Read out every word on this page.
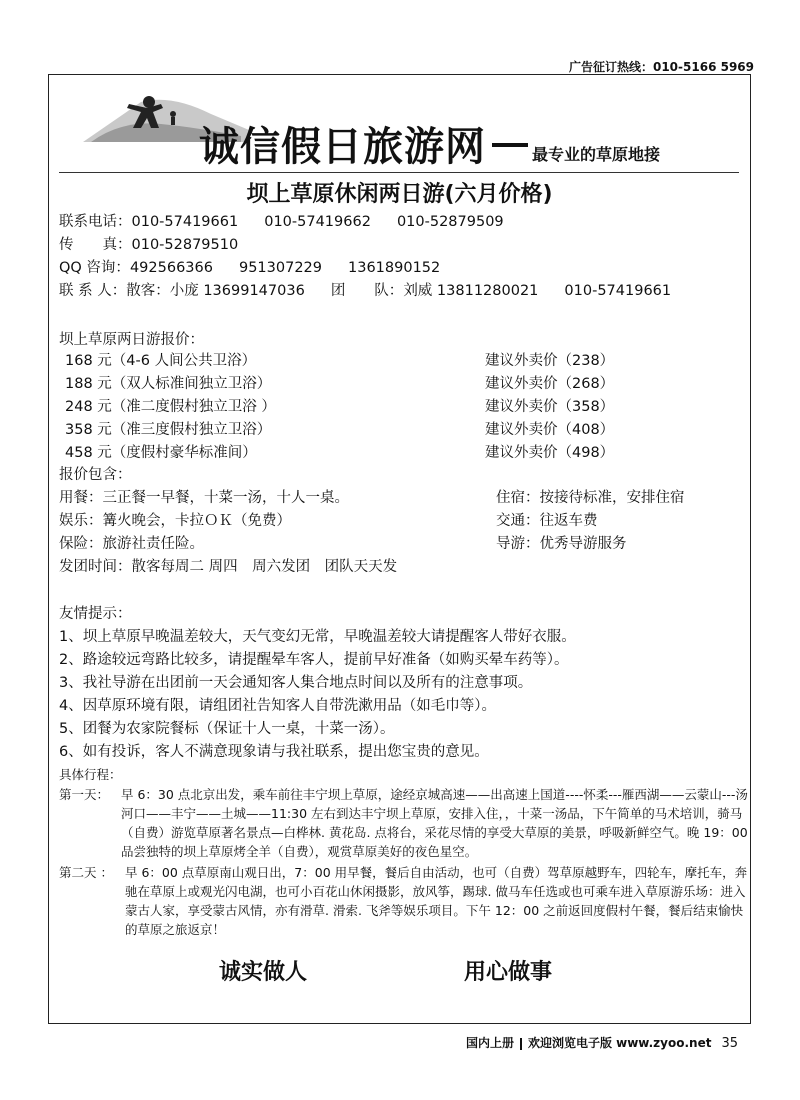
广告征订热线：010-5166 5969
诚信假日旅游网	最专业的草原地接
坝上草原休闲两日游(六月价格)
联系电话：010-57419661 010-57419662 010-52879509
传　　真：010-52879510
QQ 咨询：492566366 951307229 1361890152
联 系 人：散客：小庞 13699147036 团　　队：刘威 13811280021 010-57419661
坝上草原两日游报价：
168 元（4-6 人间公共卫浴）	建议外卖价（238）
188 元（双人标准间独立卫浴）	建议外卖价（268）
248 元（准二度假村独立卫浴 ）	建议外卖价（358）
358 元（准三度假村独立卫浴）	建议外卖价（408）
458 元（度假村豪华标准间）	建议外卖价（498）
报价包含：
用餐：三正餐一早餐，十菜一汤，十人一桌。	住宿：按接待标准，安排住宿
娱乐：篝火晚会，卡拉ＯＫ（免费）	交通：往返车费
保险：旅游社责任险。	导游：优秀导游服务
发团时间：散客每周二 周四　周六发团　团队天天发
友情提示：
1、坝上草原早晚温差较大，天气变幻无常，早晚温差较大请提醒客人带好衣服。
2、路途较远弯路比较多，请提醒晕车客人，提前早好准备（如购买晕车药等）。
3、我社导游在出团前一天会通知客人集合地点时间以及所有的注意事项。
4、因草原环境有限，请组团社告知客人自带洗漱用品（如毛巾等）。
5、团餐为农家院餐标（保证十人一桌，十菜一汤）。
6、如有投诉，客人不满意现象请与我社联系，提出您宝贵的意见。
具体行程：
第一天： 早 6：30 点北京出发，乘车前往丰宁坝上草原，途经京城高速——出高速上国道----怀柔---雁西湖——云蒙山---汤河口——丰宁——土城——11:30 左右到达丰宁坝上草原，安排入住，，十菜一汤品，下午简单的马术培训，骑马（自费）游览草原著名景点—白桦林. 黄花岛. 点将台，采花尽情的享受大草原的美景，呼吸新鲜空气。晚 19：00 品尝独特的坝上草原烤全羊（自费），观赏草原美好的夜色星空。
第二天 ： 早 6：00 点草原南山观日出，7：00 用早餐，餐后自由活动，也可（自费）驾草原越野车，四轮车，摩托车，奔驰在草原上或观光闪电湖，也可小百花山休闲摄影，放风筝，踢球. 做马车任选或也可乘车进入草原游乐场：进入蒙古人家，享受蒙古风情，亦有滑草. 滑索. 飞斧等娱乐项目。下午 12：00 之前返回度假村午餐，餐后结束愉快的草原之旅返京！
诚实做人	用心做事
国内上册 欢迎浏览电子版 www.zyoo.net 35
